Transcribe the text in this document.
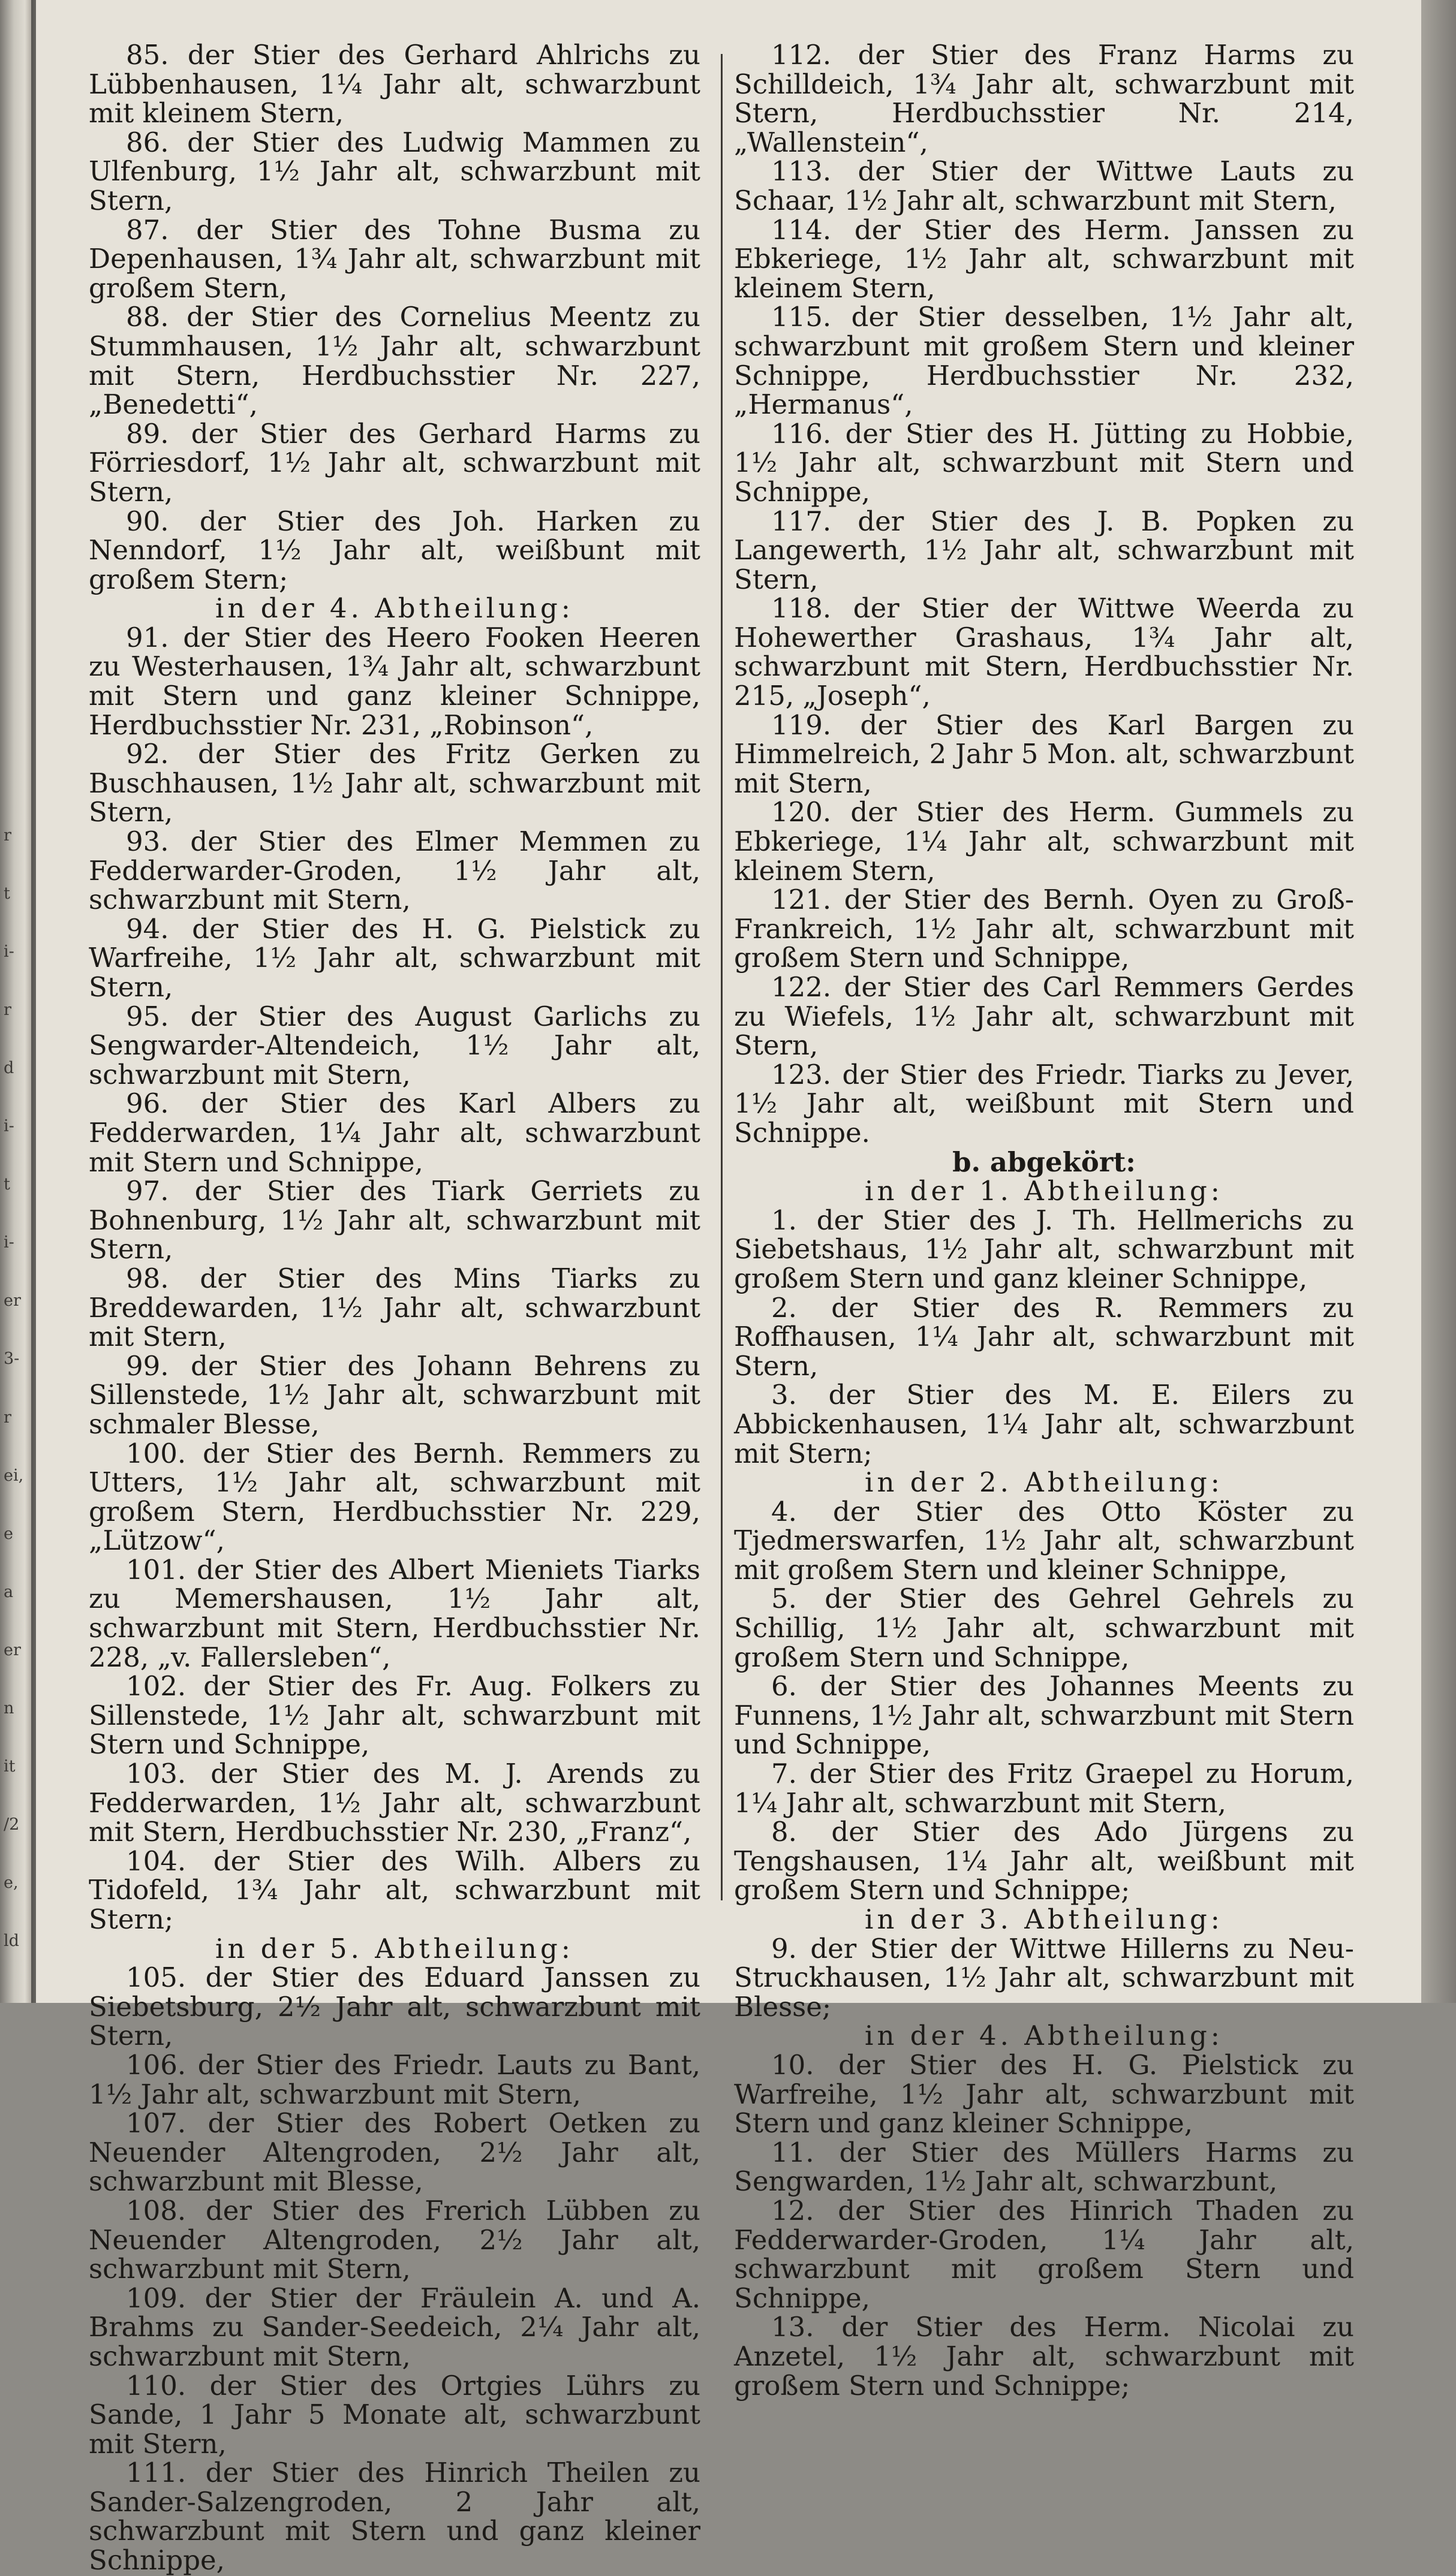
r
t
i-
r
d
i-
t
i-
er
3-
r
ei,
e
a
er
n
it
/2
e,
ld

85. der Stier des Gerhard Ahlrichs zu Lübbenhausen, 1¼ Jahr alt, schwarzbunt mit kleinem Stern,

86. der Stier des Ludwig Mammen zu Ulfenburg, 1½ Jahr alt, schwarzbunt mit Stern,

87. der Stier des Tohne Busma zu Depenhausen, 1¾ Jahr alt, schwarzbunt mit großem Stern,

88. der Stier des Cornelius Meentz zu Stummhausen, 1½ Jahr alt, schwarzbunt mit Stern, Herdbuchsstier Nr. 227, „Benedetti“,

89. der Stier des Gerhard Harms zu Förriesdorf, 1½ Jahr alt, schwarzbunt mit Stern,

90. der Stier des Joh. Harken zu Nenndorf, 1½ Jahr alt, weißbunt mit großem Stern;

in der 4. Abtheilung:

91. der Stier des Heero Fooken Heeren zu Westerhausen, 1¾ Jahr alt, schwarzbunt mit Stern und ganz kleiner Schnippe, Herdbuchsstier Nr. 231, „Robinson“,

92. der Stier des Fritz Gerken zu Buschhausen, 1½ Jahr alt, schwarzbunt mit Stern,

93. der Stier des Elmer Memmen zu Fedderwarder-Groden, 1½ Jahr alt, schwarzbunt mit Stern,

94. der Stier des H. G. Pielstick zu Warfreihe, 1½ Jahr alt, schwarzbunt mit Stern,

95. der Stier des August Garlichs zu Sengwarder-Altendeich, 1½ Jahr alt, schwarzbunt mit Stern,

96. der Stier des Karl Albers zu Fedderwarden, 1¼ Jahr alt, schwarzbunt mit Stern und Schnippe,

97. der Stier des Tiark Gerriets zu Bohnenburg, 1½ Jahr alt, schwarzbunt mit Stern,

98. der Stier des Mins Tiarks zu Breddewarden, 1½ Jahr alt, schwarzbunt mit Stern,

99. der Stier des Johann Behrens zu Sillenstede, 1½ Jahr alt, schwarzbunt mit schmaler Blesse,

100. der Stier des Bernh. Remmers zu Utters, 1½ Jahr alt, schwarzbunt mit großem Stern, Herdbuchsstier Nr. 229, „Lützow“,

101. der Stier des Albert Mieniets Tiarks zu Memershausen, 1½ Jahr alt, schwarzbunt mit Stern, Herdbuchsstier Nr. 228, „v. Fallersleben“,

102. der Stier des Fr. Aug. Folkers zu Sillenstede, 1½ Jahr alt, schwarzbunt mit Stern und Schnippe,

103. der Stier des M. J. Arends zu Fedderwarden, 1½ Jahr alt, schwarzbunt mit Stern, Herdbuchsstier Nr. 230, „Franz“,

104. der Stier des Wilh. Albers zu Tidofeld, 1¾ Jahr alt, schwarzbunt mit Stern;

in der 5. Abtheilung:

105. der Stier des Eduard Janssen zu Siebetsburg, 2½ Jahr alt, schwarzbunt mit Stern,

106. der Stier des Friedr. Lauts zu Bant, 1½ Jahr alt, schwarzbunt mit Stern,

107. der Stier des Robert Oetken zu Neuender Altengroden, 2½ Jahr alt, schwarzbunt mit Blesse,

108. der Stier des Frerich Lübben zu Neuender Altengroden, 2½ Jahr alt, schwarzbunt mit Stern,

109. der Stier der Fräulein A. und A. Brahms zu Sander-Seedeich, 2¼ Jahr alt, schwarzbunt mit Stern,

110. der Stier des Ortgies Lührs zu Sande, 1 Jahr 5 Monate alt, schwarzbunt mit Stern,

111. der Stier des Hinrich Theilen zu Sander-Salzengroden, 2 Jahr alt, schwarzbunt mit Stern und ganz kleiner Schnippe,

112. der Stier des Franz Harms zu Schilldeich, 1¾ Jahr alt, schwarzbunt mit Stern, Herdbuchsstier Nr. 214, „Wallenstein“,

113. der Stier der Wittwe Lauts zu Schaar, 1½ Jahr alt, schwarzbunt mit Stern,

114. der Stier des Herm. Janssen zu Ebkeriege, 1½ Jahr alt, schwarzbunt mit kleinem Stern,

115. der Stier desselben, 1½ Jahr alt, schwarzbunt mit großem Stern und kleiner Schnippe, Herdbuchsstier Nr. 232, „Hermanus“,

116. der Stier des H. Jütting zu Hobbie, 1½ Jahr alt, schwarzbunt mit Stern und Schnippe,

117. der Stier des J. B. Popken zu Langewerth, 1½ Jahr alt, schwarzbunt mit Stern,

118. der Stier der Wittwe Weerda zu Hohewerther Grashaus, 1¾ Jahr alt, schwarzbunt mit Stern, Herdbuchsstier Nr. 215, „Joseph“,

119. der Stier des Karl Bargen zu Himmelreich, 2 Jahr 5 Mon. alt, schwarzbunt mit Stern,

120. der Stier des Herm. Gummels zu Ebkeriege, 1¼ Jahr alt, schwarzbunt mit kleinem Stern,

121. der Stier des Bernh. Oyen zu Groß-Frankreich, 1½ Jahr alt, schwarzbunt mit großem Stern und Schnippe,

122. der Stier des Carl Remmers Gerdes zu Wiefels, 1½ Jahr alt, schwarzbunt mit Stern,

123. der Stier des Friedr. Tiarks zu Jever, 1½ Jahr alt, weißbunt mit Stern und Schnippe.

b. abgekört:

in der 1. Abtheilung:

1. der Stier des J. Th. Hellmerichs zu Siebetshaus, 1½ Jahr alt, schwarzbunt mit großem Stern und ganz kleiner Schnippe,

2. der Stier des R. Remmers zu Roffhausen, 1¼ Jahr alt, schwarzbunt mit Stern,

3. der Stier des M. E. Eilers zu Abbickenhausen, 1¼ Jahr alt, schwarzbunt mit Stern;

in der 2. Abtheilung:

4. der Stier des Otto Köster zu Tjedmerswarfen, 1½ Jahr alt, schwarzbunt mit großem Stern und kleiner Schnippe,

5. der Stier des Gehrel Gehrels zu Schillig, 1½ Jahr alt, schwarzbunt mit großem Stern und Schnippe,

6. der Stier des Johannes Meents zu Funnens, 1½ Jahr alt, schwarzbunt mit Stern und Schnippe,

7. der Stier des Fritz Graepel zu Horum, 1¼ Jahr alt, schwarzbunt mit Stern,

8. der Stier des Ado Jürgens zu Tengshausen, 1¼ Jahr alt, weißbunt mit großem Stern und Schnippe;

in der 3. Abtheilung:

9. der Stier der Wittwe Hillerns zu Neu-Struckhausen, 1½ Jahr alt, schwarzbunt mit Blesse;

in der 4. Abtheilung:

10. der Stier des H. G. Pielstick zu Warfreihe, 1½ Jahr alt, schwarzbunt mit Stern und ganz kleiner Schnippe,

11. der Stier des Müllers Harms zu Sengwarden, 1½ Jahr alt, schwarzbunt,

12. der Stier des Hinrich Thaden zu Fedderwarder-Groden, 1¼ Jahr alt, schwarzbunt mit großem Stern und Schnippe,

13. der Stier des Herm. Nicolai zu Anzetel, 1½ Jahr alt, schwarzbunt mit großem Stern und Schnippe;
